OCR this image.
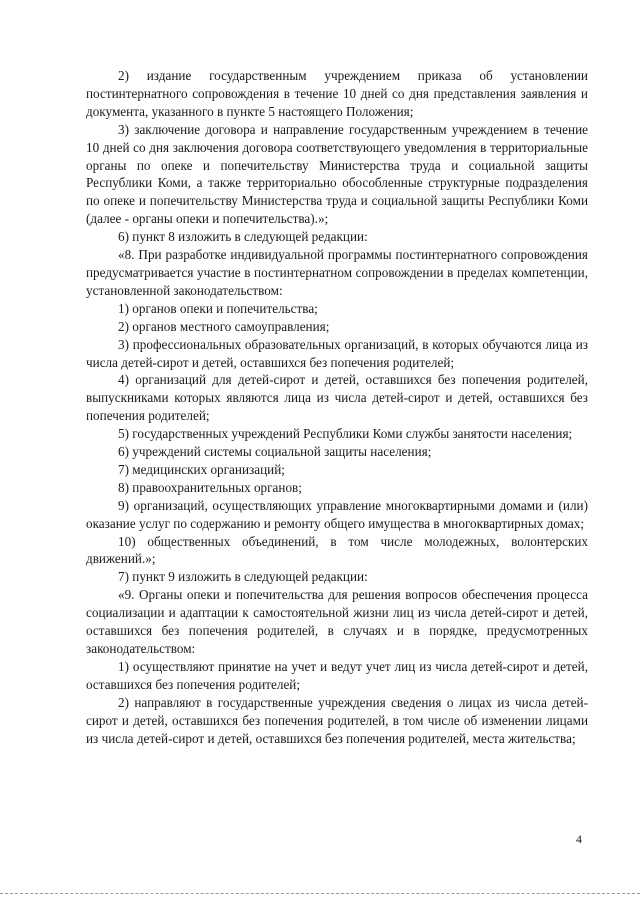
2) издание государственным учреждением приказа об установлении постинтернатного сопровождения в течение 10 дней со дня представления заявления и документа, указанного в пункте 5 настоящего Положения;

3) заключение договора и направление государственным учреждением в течение 10 дней со дня заключения договора соответствующего уведомления в территориальные органы по опеке и попечительству Министерства труда и социальной защиты Республики Коми, а также территориально обособленные структурные подразделения по опеке и попечительству Министерства труда и социальной защиты Республики Коми (далее - органы опеки и попечительства).»;

6) пункт 8 изложить в следующей редакции:

«8. При разработке индивидуальной программы постинтернатного сопровождения предусматривается участие в постинтернатном сопровождении в пределах компетенции, установленной законодательством:

1) органов опеки и попечительства;

2) органов местного самоуправления;

3) профессиональных образовательных организаций, в которых обучаются лица из числа детей-сирот и детей, оставшихся без попечения родителей;

4) организаций для детей-сирот и детей, оставшихся без попечения родителей, выпускниками которых являются лица из числа детей-сирот и детей, оставшихся без попечения родителей;

5) государственных учреждений Республики Коми службы занятости населения;

6) учреждений системы социальной защиты населения;

7) медицинских организаций;

8) правоохранительных органов;

9) организаций, осуществляющих управление многоквартирными домами и (или) оказание услуг по содержанию и ремонту общего имущества в многоквартирных домах;

10) общественных объединений, в том числе молодежных, волонтерских движений.»;

7) пункт 9 изложить в следующей редакции:

«9. Органы опеки и попечительства для решения вопросов обеспечения процесса социализации и адаптации к самостоятельной жизни лиц из числа детей-сирот и детей, оставшихся без попечения родителей, в случаях и в порядке, предусмотренных законодательством:

1) осуществляют принятие на учет и ведут учет лиц из числа детей-сирот и детей, оставшихся без попечения родителей;

2) направляют в государственные учреждения сведения о лицах из числа детей-сирот и детей, оставшихся без попечения родителей, в том числе об изменении лицами из числа детей-сирот и детей, оставшихся без попечения родителей, места жительства;

4
